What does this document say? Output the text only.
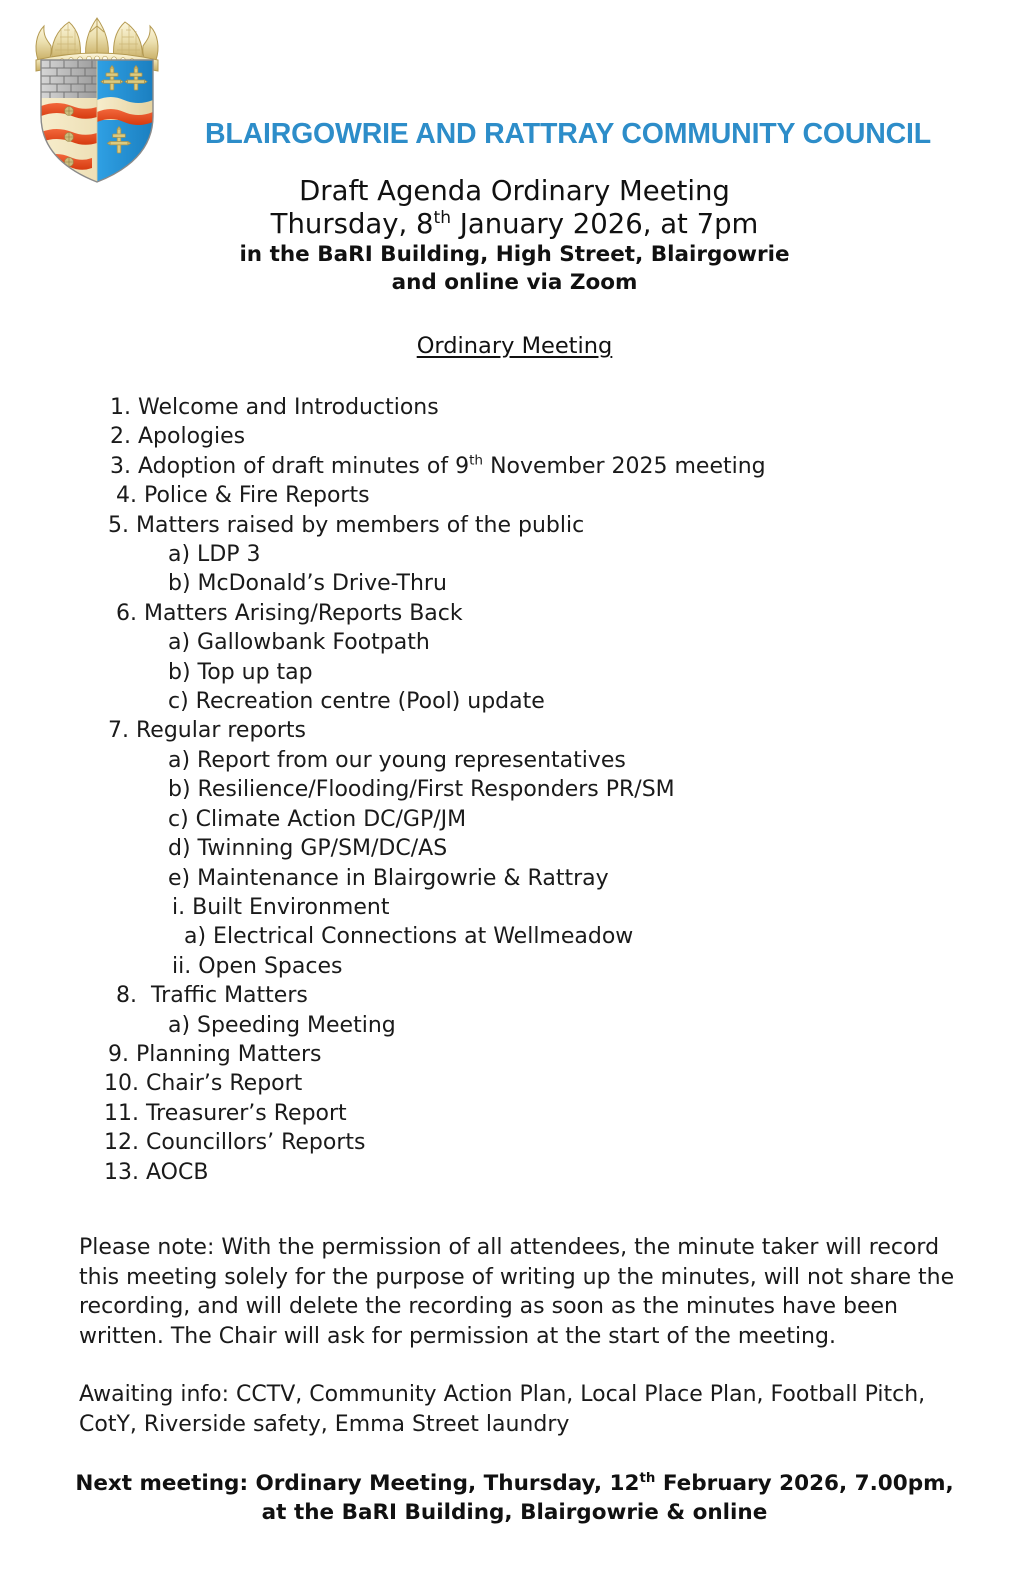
BLAIRGOWRIE AND RATTRAY COMMUNITY COUNCIL
Draft Agenda Ordinary Meeting
Thursday, 8th January 2026, at 7pm
in the BaRI Building, High Street, Blairgowrie
and online via Zoom
Ordinary Meeting
1. Welcome and Introductions
2. Apologies
3. Adoption of draft minutes of 9th November 2025 meeting
4. Police & Fire Reports
5. Matters raised by members of the public
a) LDP 3
b) McDonald’s Drive-Thru
6. Matters Arising/Reports Back
a) Gallowbank Footpath
b) Top up tap
c) Recreation centre (Pool) update
7. Regular reports
a) Report from our young representatives
b) Resilience/Flooding/First Responders PR/SM
c) Climate Action DC/GP/JM
d) Twinning GP/SM/DC/AS
e) Maintenance in Blairgowrie & Rattray
i. Built Environment
a) Electrical Connections at Wellmeadow
ii. Open Spaces
8.  Traffic Matters
a) Speeding Meeting
9. Planning Matters
10. Chair’s Report
11. Treasurer’s Report
12. Councillors’ Reports
13. AOCB

Please note: With the permission of all attendees, the minute taker will record this meeting solely for the purpose of writing up the minutes, will not share the recording, and will delete the recording as soon as the minutes have been written. The Chair will ask for permission at the start of the meeting.

Awaiting info: CCTV, Community Action Plan, Local Place Plan, Football Pitch, CotY, Riverside safety, Emma Street laundry

Next meeting: Ordinary Meeting, Thursday, 12th February 2026, 7.00pm,
at the BaRI Building, Blairgowrie & online
